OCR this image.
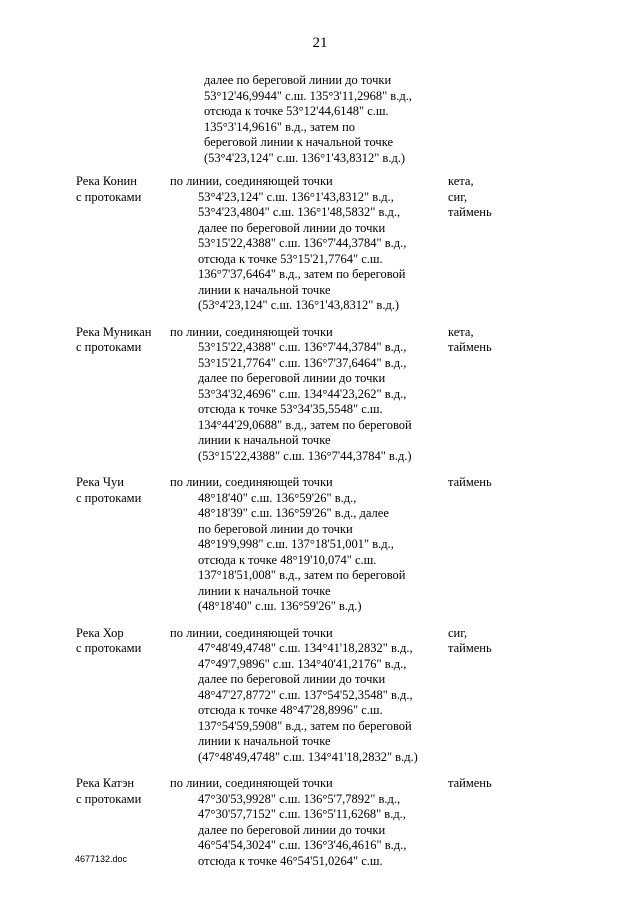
21
далее по береговой линии до точки
53°12'46,9944" с.ш. 135°3'11,2968" в.д.,
отсюда к точке 53°12'44,6148" с.ш.
135°3'14,9616" в.д., затем по
береговой линии к начальной точке
(53°4'23,124" с.ш. 136°1'43,8312" в.д.)
Река Конин
с протоками
по линии, соединяющей точки
53°4'23,124" с.ш. 136°1'43,8312" в.д.,
53°4'23,4804" с.ш. 136°1'48,5832" в.д.,
далее по береговой линии до точки
53°15'22,4388" с.ш. 136°7'44,3784" в.д.,
отсюда к точке 53°15'21,7764" с.ш.
136°7'37,6464" в.д., затем по береговой
линии к начальной точке
(53°4'23,124" с.ш. 136°1'43,8312" в.д.)
кета,
сиг,
таймень
Река Муникан
с протоками
по линии, соединяющей точки
53°15'22,4388" с.ш. 136°7'44,3784" в.д.,
53°15'21,7764" с.ш. 136°7'37,6464" в.д.,
далее по береговой линии до точки
53°34'32,4696" с.ш. 134°44'23,262" в.д.,
отсюда к точке 53°34'35,5548" с.ш.
134°44'29,0688" в.д., затем по береговой
линии к начальной точке
(53°15'22,4388" с.ш. 136°7'44,3784" в.д.)
кета,
таймень
Река Чуи
с протоками
по линии, соединяющей точки
48°18'40" с.ш. 136°59'26" в.д.,
48°18'39" с.ш. 136°59'26" в.д., далее
по береговой линии до точки
48°19'9,998" с.ш. 137°18'51,001" в.д.,
отсюда к точке 48°19'10,074" с.ш.
137°18'51,008" в.д., затем по береговой
линии к начальной точке
(48°18'40" с.ш. 136°59'26" в.д.)
таймень
Река Хор
с протоками
по линии, соединяющей точки
47°48'49,4748" с.ш. 134°41'18,2832" в.д.,
47°49'7,9896" с.ш. 134°40'41,2176" в.д.,
далее по береговой линии до точки
48°47'27,8772" с.ш. 137°54'52,3548" в.д.,
отсюда к точке 48°47'28,8996" с.ш.
137°54'59,5908" в.д., затем по береговой
линии к начальной точке
(47°48'49,4748" с.ш. 134°41'18,2832" в.д.)
сиг,
таймень
Река Катэн
с протоками
по линии, соединяющей точки
47°30'53,9928" с.ш. 136°5'7,7892" в.д.,
47°30'57,7152" с.ш. 136°5'11,6268" в.д.,
далее по береговой линии до точки
46°54'54,3024" с.ш. 136°3'46,4616" в.д.,
отсюда к точке 46°54'51,0264" с.ш.
таймень
4677132.doc
